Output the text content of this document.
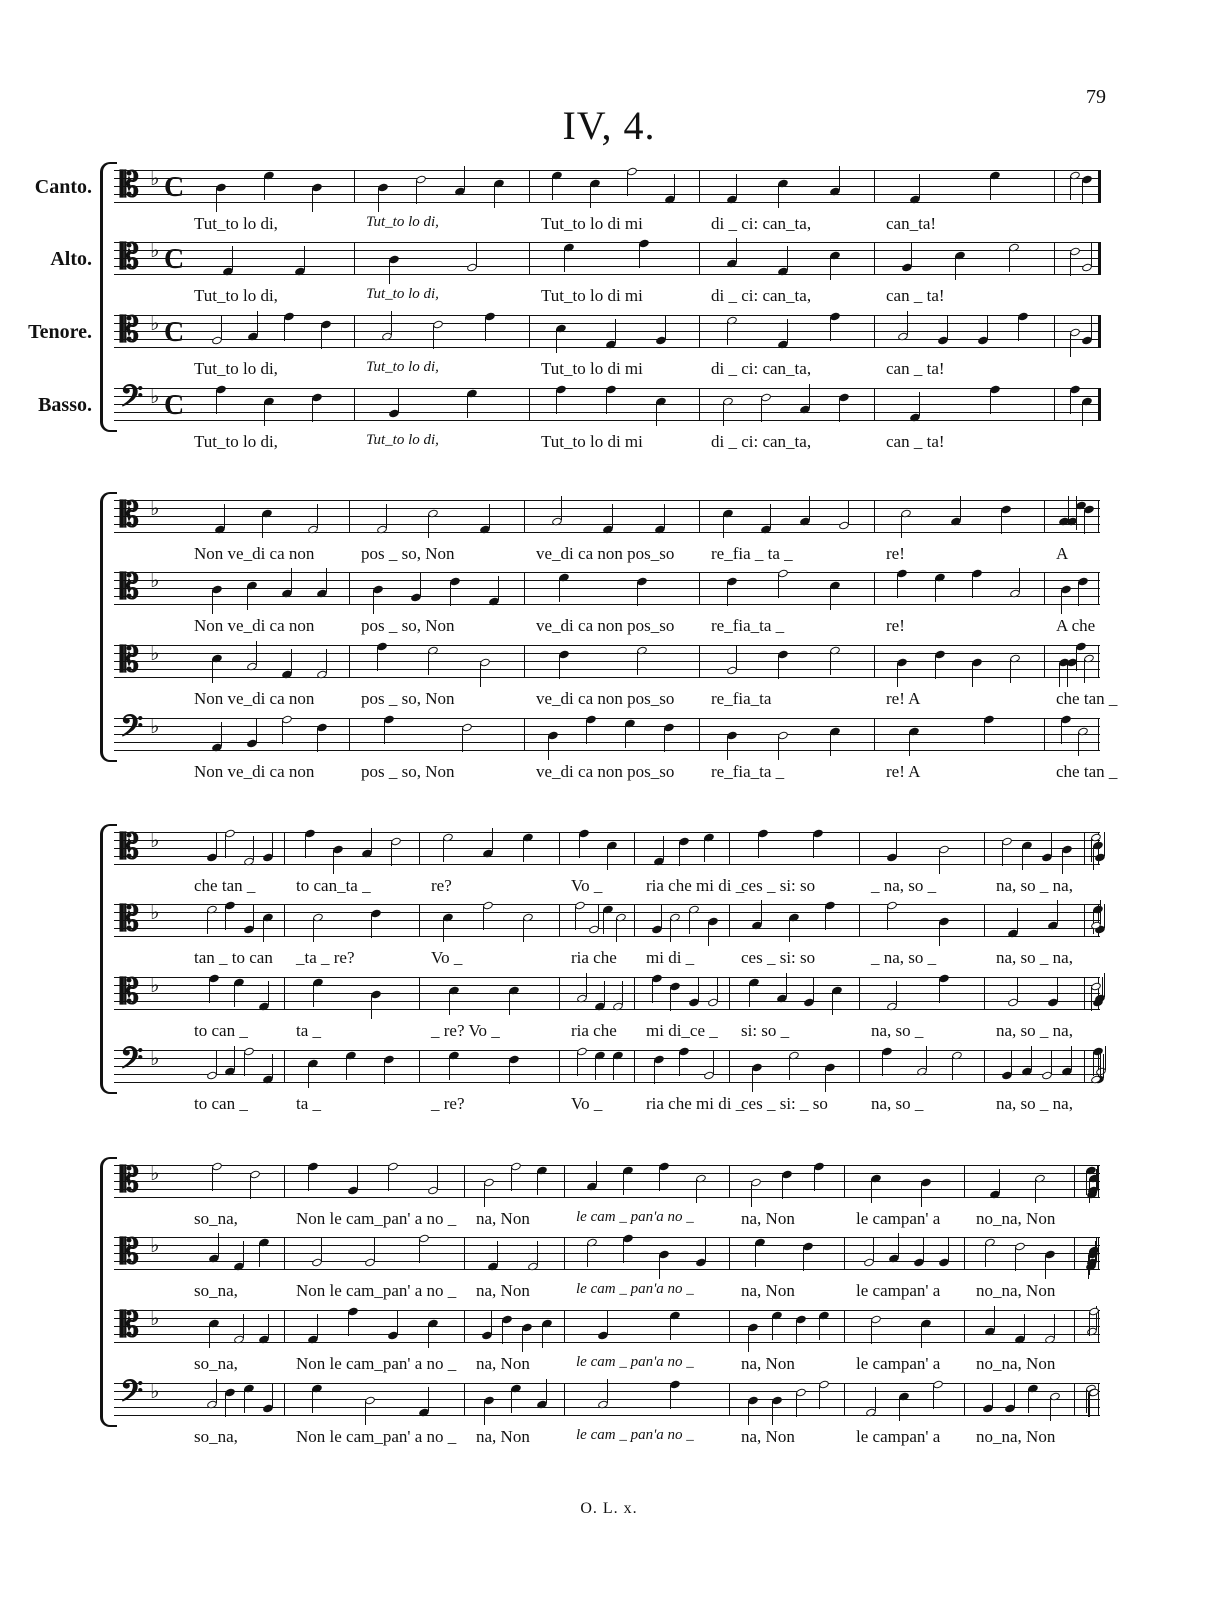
79
IV, 4.
Canto. 𝄡 ♭ C
Tut_to lo di,	Tut_to lo di,	Tut_to lo di mi	di _ ci: can_ta,	can_ta!
Alto. 𝄡 ♭ C
Tut_to lo di,	Tut_to lo di,	Tut_to lo di mi	di _ ci: can_ta,	can _ ta!
Tenore. 𝄡 ♭ C
Tut_to lo di,	Tut_to lo di,	Tut_to lo di mi	di _ ci: can_ta,	can _ ta!
Basso. 𝄢 ♭ C
Tut_to lo di,	Tut_to lo di,	Tut_to lo di mi	di _ ci: can_ta,	can _ ta!
𝄡 ♭
Non ve_di ca non	pos _ so, Non	ve_di ca non pos_so re_fia _ ta _	re!	A
𝄡 ♭
Non ve_di ca non	pos _ so, Non	ve_di ca non pos_so re_fia_ta _	re!	A che
𝄡 ♭
Non ve_di ca non	pos _ so, Non	ve_di ca non pos_so re_fia_ta	re! A	che tan _
𝄢 ♭
Non ve_di ca non	pos _ so, Non	ve_di ca non pos_so re_fia_ta _	re! A	che tan _
𝄡 ♭
che tan _ to can_ta _	re?	Vo _	ria che mi di _
ces _ si: so	_ na, so _	na, so _ na,
𝄡 ♭
tan _ to can _ta _ re?	Vo _	ria che mi di _	ces _ si: so	_ na, so _	na, so _ na,
𝄡 ♭
to can _	ta _	_ re? Vo _	ria che mi di_ce _ si: so _	na, so _	na, so _ na,
𝄢 ♭
to can _	ta _	_ re?	Vo _	ria che mi di _
ces _ si: _ so	na, so _	na, so _ na,
𝄡 ♭
so_na,	Non le cam_pan' a no _ na, Non	le cam _ pan'a no _	na, Non	le campan' a no_na, Non
𝄡 ♭
so_na,	Non le cam_pan' a no _ na, Non	le cam _ pan'a no _	na, Non	le campan' a no_na, Non
𝄡 ♭
so_na,	Non le cam_pan' a no _ na, Non	le cam _ pan'a no _	na, Non	le campan' a no_na, Non
𝄢 ♭
so_na,	Non le cam_pan' a no _ na, Non	le cam _ pan'a no _	na, Non	le campan' a no_na, Non
O. L. x.
